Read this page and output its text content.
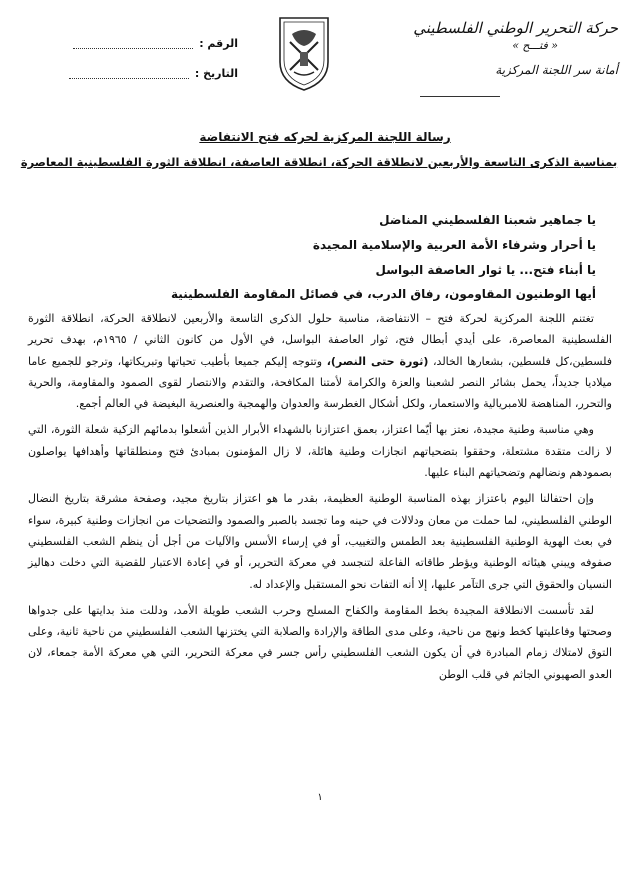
الرقم :
التاريخ :
حركة التحرير الوطني الفلسطيني
« فتـــح »
أمانة سر اللجنة المركزية
رسالة اللجنة المركزية لحركه فتح الانتفاضة
بمناسبة الذكرى التاسعة والأربعين لانطلاقة الحركة، انطلاقة العاصفة، انطلاقة الثورة الفلسطينية المعاصرة
يا جماهير شعبنا الفلسطيني المناضل
يا أحرار وشرفاء الأمة العربية والإسلامية المجيدة
يا أبناء فتح... يا ثوار العاصفة البواسل
أيها الوطنيون المقاومون، رفاق الدرب، في فصائل المقاومة الفلسطينية

تغتنم اللجنة المركزية لحركة فتح – الانتفاضة، مناسبة حلول الذكرى التاسعة والأربعين لانطلاقة الحركة، انطلاقة الثورة الفلسطينية المعاصرة، على أيدي أبطال فتح، ثوار العاصفة البواسل، في الأول من كانون الثاني / ١٩٦٥م، بهدف تحرير فلسطين،كل فلسطين، بشعارها الخالد، (ثورة حتى النصر)، وتتوجه إليكم جميعا بأطيب تحياتها وتبريكاتها، وترجو للجميع عاما ميلاديا جديداً، يحمل بشائر النصر لشعبنا والعزة والكرامة لأمتنا المكافحة، والتقدم والانتصار لقوى الصمود والمقاومة، والحرية والتحرر، المناهضة للامبريالية والاستعمار، ولكل أشكال الغطرسة والعدوان والهمجية والعنصرية البغيضة في العالم أجمع.

وهي مناسبة وطنية مجيدة، نعتز بها أيّما اعتزاز، بعمق اعتزازنا بالشهداء الأبرار الذين أشعلوا بدمائهم الزكية شعلة الثورة، التي لا زالت متقدة مشتعلة، وحققوا بتضحياتهم انجازات وطنية هائلة، لا زال المؤمنون بمبادئ فتح ومنطلقاتها وأهدافها يواصلون بصمودهم ونضالهم وتضحياتهم البناء عليها.

وإن احتفالنا اليوم باعتزاز بهذه المناسبة الوطنية العظيمة، بقدر ما هو اعتزاز بتاريخ مجيد، وصفحة مشرقة بتاريخ النضال الوطني الفلسطيني، لما حملت من معان ودلالات في حينه وما تجسد بالصبر والصمود والتضحيات من انجازات وطنية كبيرة، سواء في بعث الهوية الوطنية الفلسطينية بعد الطمس والتغييب، أو في إرساء الأسس والآليات من أجل أن ينظم الشعب الفلسطيني صفوفه ويبني هيئاته الوطنية ويؤطر طاقاته الفاعلة لتنجسد في معركة التحرير، أو في إعادة الاعتبار للقضية التي دخلت دهاليز النسيان والحقوق التي جرى التآمر عليها، إلا أنه التفات نحو المستقبل والإعداد له.

لقد تأسست الانطلاقة المجيدة بخط المقاومة والكفاح المسلح وحرب الشعب طويلة الأمد، ودللت منذ بدايتها على جدواها وصحتها وفاعليتها كخط ونهج من ناحية، وعلى مدى الطاقة والإرادة والصلابة التي يختزنها الشعب الفلسطيني من ناحية ثانية، وعلى التوق لامتلاك زمام المبادرة في أن يكون الشعب الفلسطيني رأس جسر في معركة التحرير، التي هي معركة الأمة جمعاء، لان العدو الصهيوني الجاثم في قلب الوطن

١
